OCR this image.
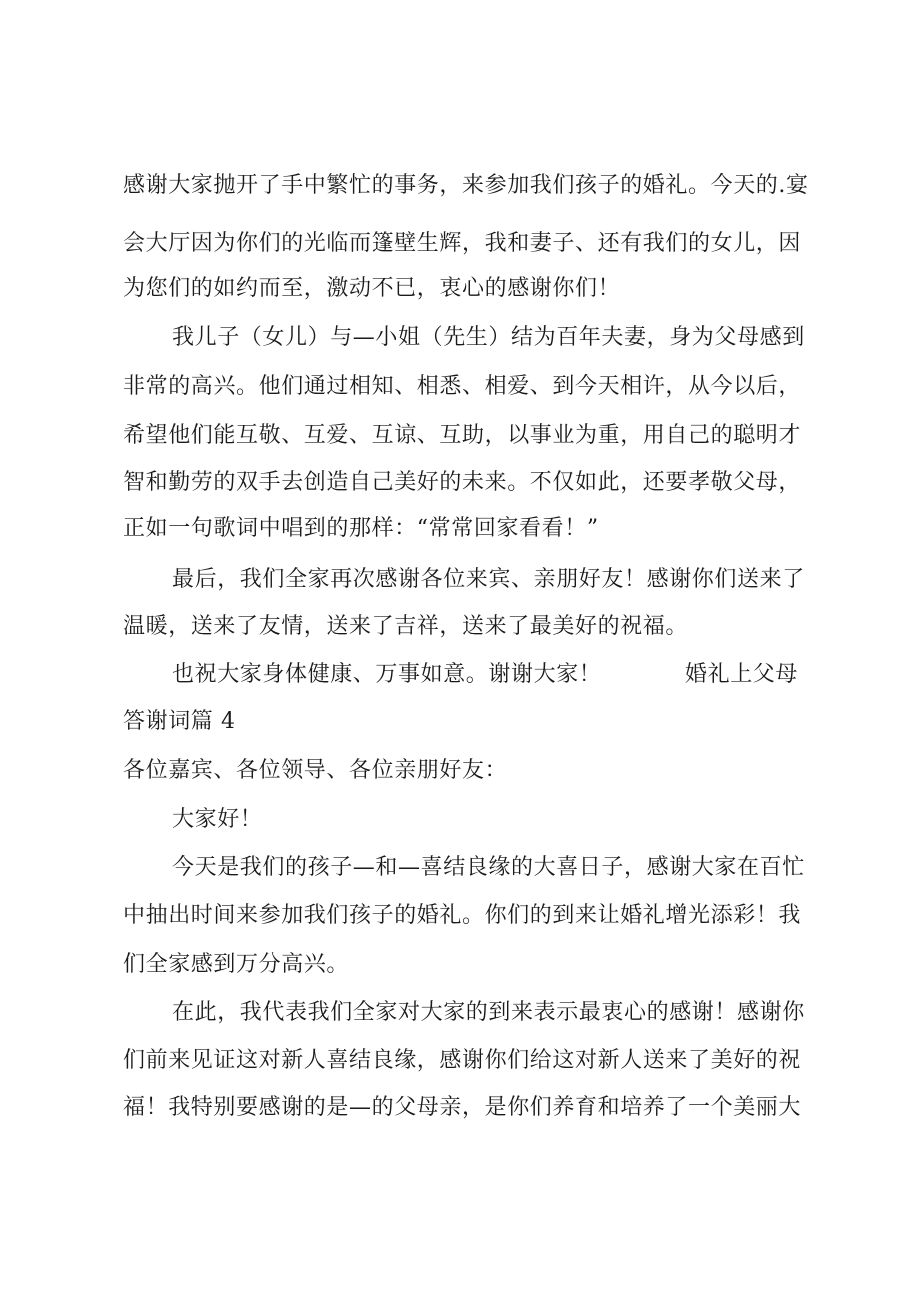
感谢大家抛开了手中繁忙的事务，来参加我们孩子的婚礼。今天的.宴
会大厅因为你们的光临而篷壁生辉，我和妻子、还有我们的女儿，因
为您们的如约而至，激动不已，衷心的感谢你们！
我儿子（女儿）与—小姐（先生）结为百年夫妻，身为父母感到
非常的高兴。他们通过相知、相悉、相爱、到今天相许，从今以后，
希望他们能互敬、互爱、互谅、互助，以事业为重，用自己的聪明才
智和勤劳的双手去创造自己美好的未来。不仅如此，还要孝敬父母，
正如一句歌词中唱到的那样：“常常回家看看！”
最后，我们全家再次感谢各位来宾、亲朋好友！感谢你们送来了
温暖，送来了友情，送来了吉祥，送来了最美好的祝福。
也祝大家身体健康、万事如意。谢谢大家！	婚礼上父母
答谢词篇 4
各位嘉宾、各位领导、各位亲朋好友：
大家好！
今天是我们的孩子—和—喜结良缘的大喜日子，感谢大家在百忙
中抽出时间来参加我们孩子的婚礼。你们的到来让婚礼增光添彩！我
们全家感到万分高兴。
在此，我代表我们全家对大家的到来表示最衷心的感谢！感谢你
们前来见证这对新人喜结良缘，感谢你们给这对新人送来了美好的祝
福！我特别要感谢的是—的父母亲，是你们养育和培养了一个美丽大
